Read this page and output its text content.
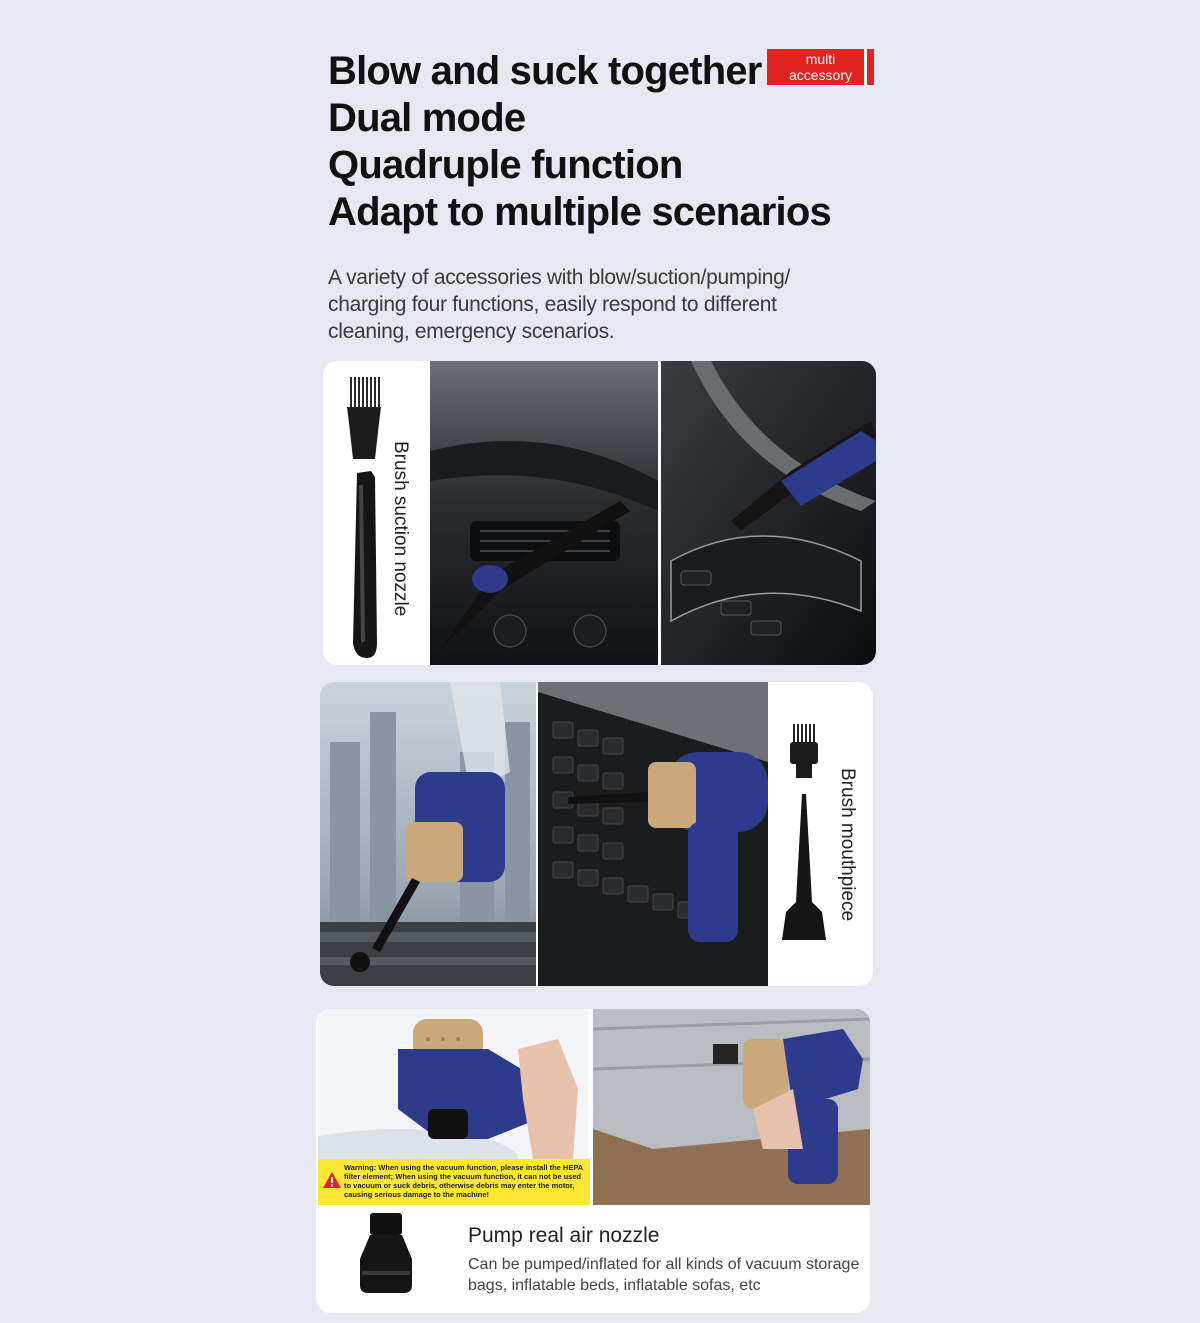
Blow and suck together
Dual mode
Quadruple function
Adapt to multiple scenarios
multi
accessory

A variety of accessories with blow/suction/pumping/ charging four functions, easily respond to different cleaning, emergency scenarios.

Brush suction nozzle
Brush mouthpiece
Pump real air nozzle
Can be pumped/inflated for all kinds of vacuum storage bags, inflatable beds, inflatable sofas, etc
Warning: When using the vacuum function, please install the HEPA filter element; When using the vacuum function, it can not be used to vacuum or suck debris, otherwise debris may enter the motor, causing serious damage to the machine!
